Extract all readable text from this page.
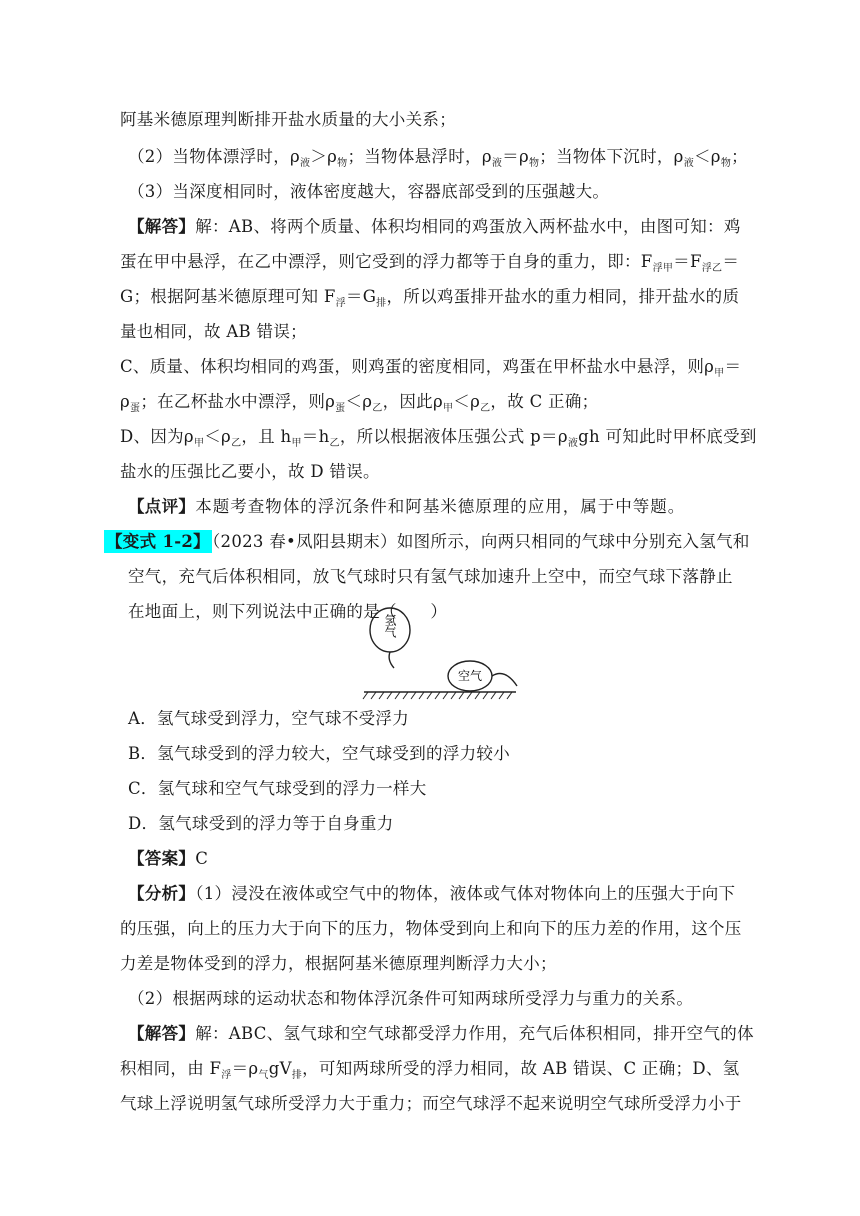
阿基米德原理判断排开盐水质量的大小关系；
（2）当物体漂浮时，$\rho_液>\rho_物$；当物体悬浮时，$\rho_液=\rho_物$；当物体下沉时，$\rho_液<\rho_物$；
（3）当深度相同时，液体密度越大，容器底部受到的压强越大。
【解答】解：AB、将两个质量、体积均相同的鸡蛋放入两杯盐水中，由图可知：鸡
蛋在甲中悬浮，在乙中漂浮，则它受到的浮力都等于自身的重力，即：$F_{浮甲}=F_{浮乙}=$
G；根据阿基米德原理可知 $F_浮=G_排$，所以鸡蛋排开盐水的重力相同，排开盐水的质
量也相同，故 AB 错误；
C、质量、体积均相同的鸡蛋，则鸡蛋的密度相同，鸡蛋在甲杯盐水中悬浮，则$\rho_甲=$
$\rho_蛋$；在乙杯盐水中漂浮，则$\rho_蛋<\rho_乙$，因此$\rho_甲<\rho_乙$，故 C 正确；
D、因为$\rho_甲<\rho_乙$，且 $h_甲=h_乙$，所以根据液体压强公式 $p=\rho_液gh$ 可知此时甲杯底受到
盐水的压强比乙要小，故 D 错误。
【点评】本题考查物体的浮沉条件和阿基米德原理的应用，属于中等题。
【变式 1-2】 （2023 春•凤阳县期末）如图所示，向两只相同的气球中分别充入氢气和
空气，充气后体积相同，放飞气球时只有氢气球加速升上空中，而空气球下落静止
在地面上，则下列说法中正确的是（　　）
氢气
空气
A．氢气球受到浮力，空气球不受浮力
B．氢气球受到的浮力较大，空气球受到的浮力较小
C．氢气球和空气气球受到的浮力一样大
D．氢气球受到的浮力等于自身重力
【答案】C
【分析】（1）浸没在液体或空气中的物体，液体或气体对物体向上的压强大于向下
的压强，向上的压力大于向下的压力，物体受到向上和向下的压力差的作用，这个压
力差是物体受到的浮力，根据阿基米德原理判断浮力大小；
（2）根据两球的运动状态和物体浮沉条件可知两球所受浮力与重力的关系。
【解答】解：ABC、氢气球和空气球都受浮力作用，充气后体积相同，排开空气的体
积相同，由 $F_浮=\rho_气gV_排$，可知两球所受的浮力相同，故 AB 错误、C 正确；D、氢
气球上浮说明氢气球所受浮力大于重力；而空气球浮不起来说明空气球所受浮力小于
